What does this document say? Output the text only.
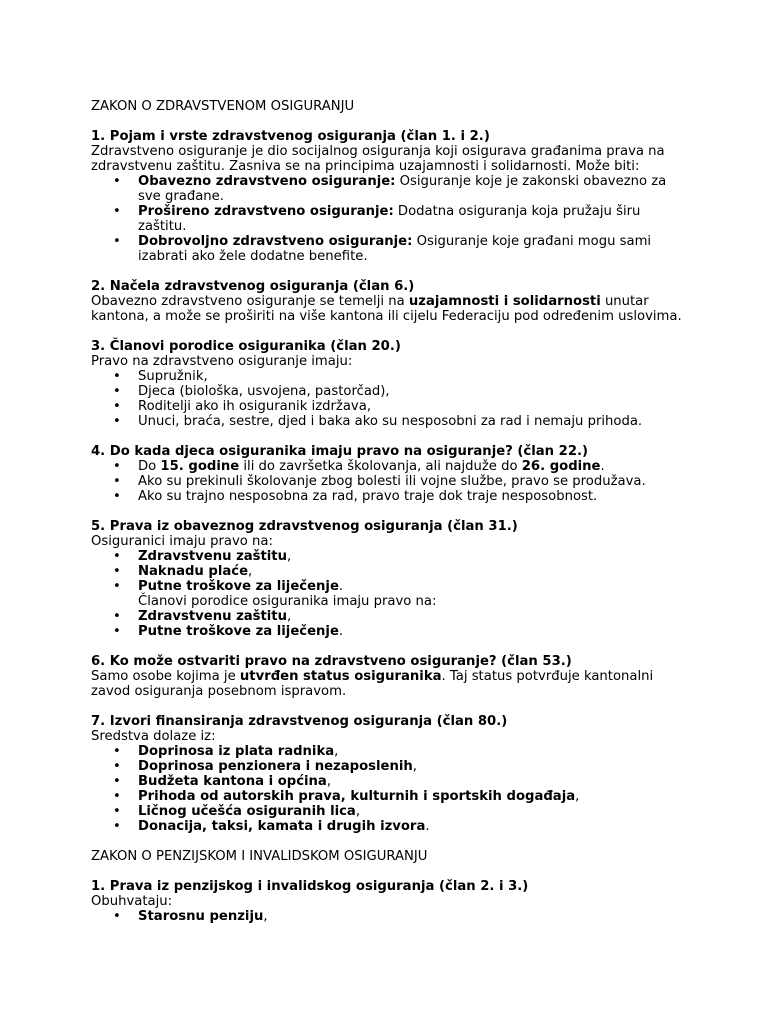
ZAKON O ZDRAVSTVENOM OSIGURANJU

1. Pojam i vrste zdravstvenog osiguranja (član 1. i 2.)

Zdravstveno osiguranje je dio socijalnog osiguranja koji osigurava građanima prava na zdravstvenu zaštitu. Zasniva se na principima uzajamnosti i solidarnosti. Može biti:

• Obavezno zdravstveno osiguranje: Osiguranje koje je zakonski obavezno za sve građane.
• Prošireno zdravstveno osiguranje: Dodatna osiguranja koja pružaju širu zaštitu.
• Dobrovoljno zdravstveno osiguranje: Osiguranje koje građani mogu sami izabrati ako žele dodatne benefite.

2. Načela zdravstvenog osiguranja (član 6.)

Obavezno zdravstveno osiguranje se temelji na uzajamnosti i solidarnosti unutar kantona, a može se proširiti na više kantona ili cijelu Federaciju pod određenim uslovima.

3. Članovi porodice osiguranika (član 20.)

Pravo na zdravstveno osiguranje imaju:

• Supružnik,
• Djeca (biološka, usvojena, pastorčad),
• Roditelji ako ih osiguranik izdržava,
• Unuci, braća, sestre, djed i baka ako su nesposobni za rad i nemaju prihoda.

4. Do kada djeca osiguranika imaju pravo na osiguranje? (član 22.)

• Do 15. godine ili do završetka školovanja, ali najduže do 26. godine.
• Ako su prekinuli školovanje zbog bolesti ili vojne službe, pravo se produžava.
• Ako su trajno nesposobna za rad, pravo traje dok traje nesposobnost.

5. Prava iz obaveznog zdravstvenog osiguranja (član 31.)

Osiguranici imaju pravo na:

• Zdravstvenu zaštitu,
• Naknadu plaće,
• Putne troškove za liječenje.
Članovi porodice osiguranika imaju pravo na:
• Zdravstvenu zaštitu,
• Putne troškove za liječenje.

6. Ko može ostvariti pravo na zdravstveno osiguranje? (član 53.)

Samo osobe kojima je utvrđen status osiguranika. Taj status potvrđuje kantonalni zavod osiguranja posebnom ispravom.

7. Izvori finansiranja zdravstvenog osiguranja (član 80.)

Sredstva dolaze iz:

• Doprinosa iz plata radnika,
• Doprinosa penzionera i nezaposlenih,
• Budžeta kantona i općina,
• Prihoda od autorskih prava, kulturnih i sportskih događaja,
• Ličnog učešća osiguranih lica,
• Donacija, taksi, kamata i drugih izvora.

ZAKON O PENZIJSKOM I INVALIDSKOM OSIGURANJU

1. Prava iz penzijskog i invalidskog osiguranja (član 2. i 3.)

Obuhvataju:

• Starosnu penziju,
